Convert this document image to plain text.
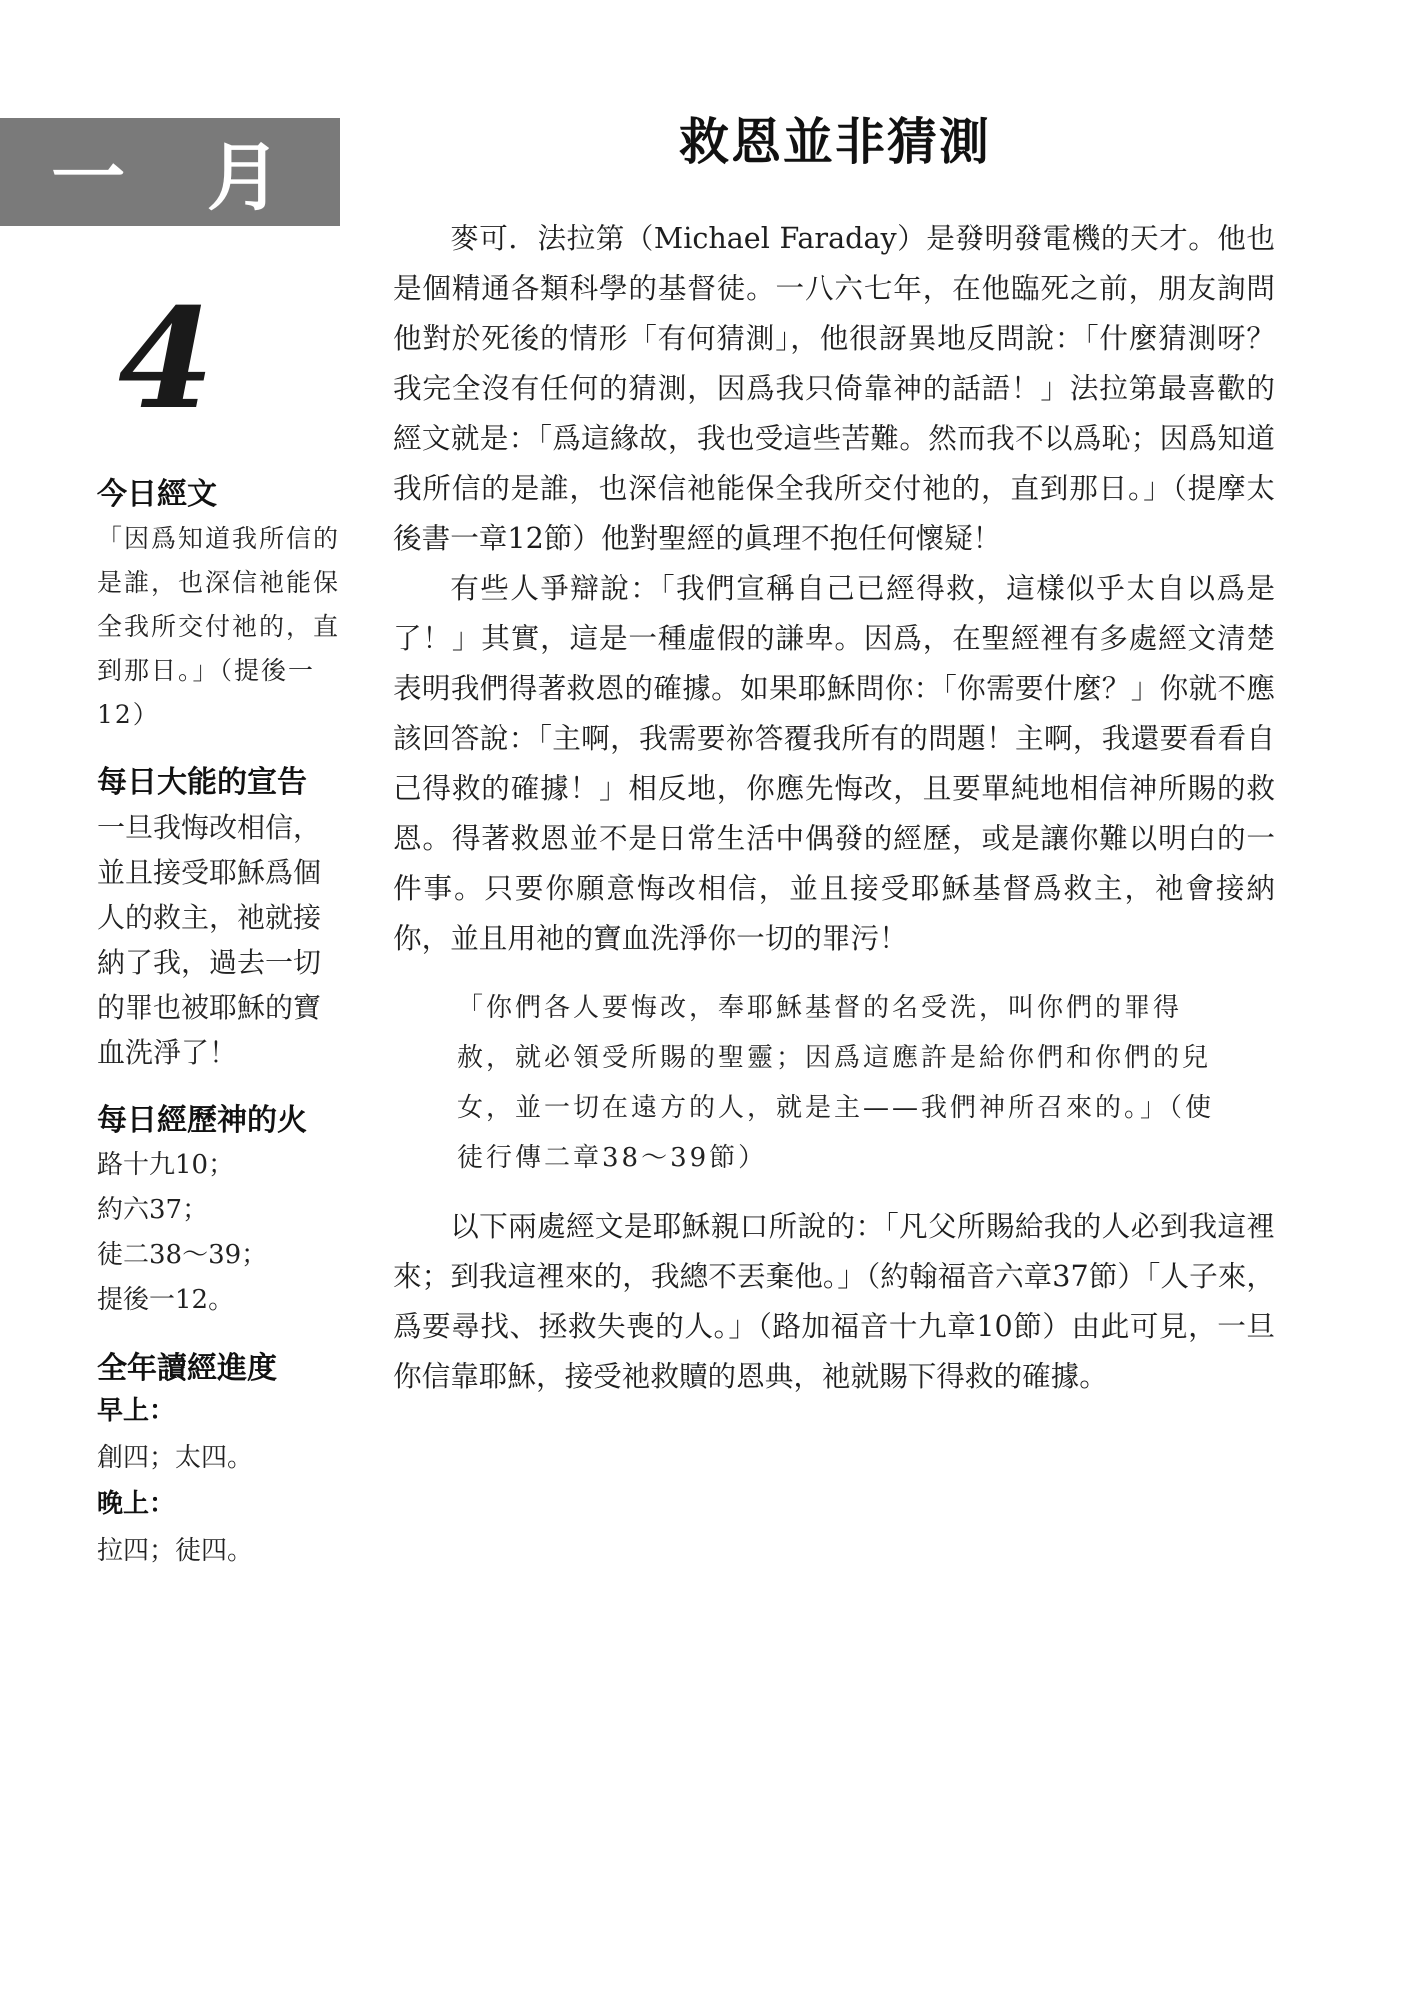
一 月
4
救恩並非猜測
今日經文

「因爲知道我所信的是誰，也深信祂能保全我所交付祂的，直到那日。」（提後一12）

每日大能的宣告

一旦我悔改相信，並且接受耶穌爲個人的救主，祂就接納了我，過去一切的罪也被耶穌的寶血洗淨了！

每日經歷神的火
路十九10；
約六37；
徒二38～39；
提後一12。
全年讀經進度
早上：
創四；太四。
晚上：
拉四；徒四。

麥可．法拉第（Michael Faraday）是發明發電機的天才。他也是個精通各類科學的基督徒。一八六七年，在他臨死之前，朋友詢問他對於死後的情形「有何猜測」，他很訝異地反問說：「什麼猜測呀？我完全沒有任何的猜測，因爲我只倚靠神的話語！」法拉第最喜歡的經文就是：「爲這緣故，我也受這些苦難。然而我不以爲恥；因爲知道我所信的是誰，也深信祂能保全我所交付祂的，直到那日。」（提摩太後書一章12節）他對聖經的眞理不抱任何懷疑！

有些人爭辯說：「我們宣稱自己已經得救，這樣似乎太自以爲是了！」其實，這是一種虛假的謙卑。因爲，在聖經裡有多處經文清楚表明我們得著救恩的確據。如果耶穌問你：「你需要什麼？」你就不應該回答說：「主啊，我需要祢答覆我所有的問題！主啊，我還要看看自己得救的確據！」相反地，你應先悔改，且要單純地相信神所賜的救恩。得著救恩並不是日常生活中偶發的經歷，或是讓你難以明白的一件事。只要你願意悔改相信，並且接受耶穌基督爲救主，祂會接納你，並且用祂的寶血洗淨你一切的罪污！

「你們各人要悔改，奉耶穌基督的名受洗，叫你們的罪得赦，就必領受所賜的聖靈；因爲這應許是給你們和你們的兒女，並一切在遠方的人，就是主——我們神所召來的。」（使徒行傳二章38～39節）

以下兩處經文是耶穌親口所說的：「凡父所賜給我的人必到我這裡來；到我這裡來的，我總不丟棄他。」（約翰福音六章37節）「人子來，爲要尋找、拯救失喪的人。」（路加福音十九章10節）由此可見，一旦你信靠耶穌，接受祂救贖的恩典，祂就賜下得救的確據。
